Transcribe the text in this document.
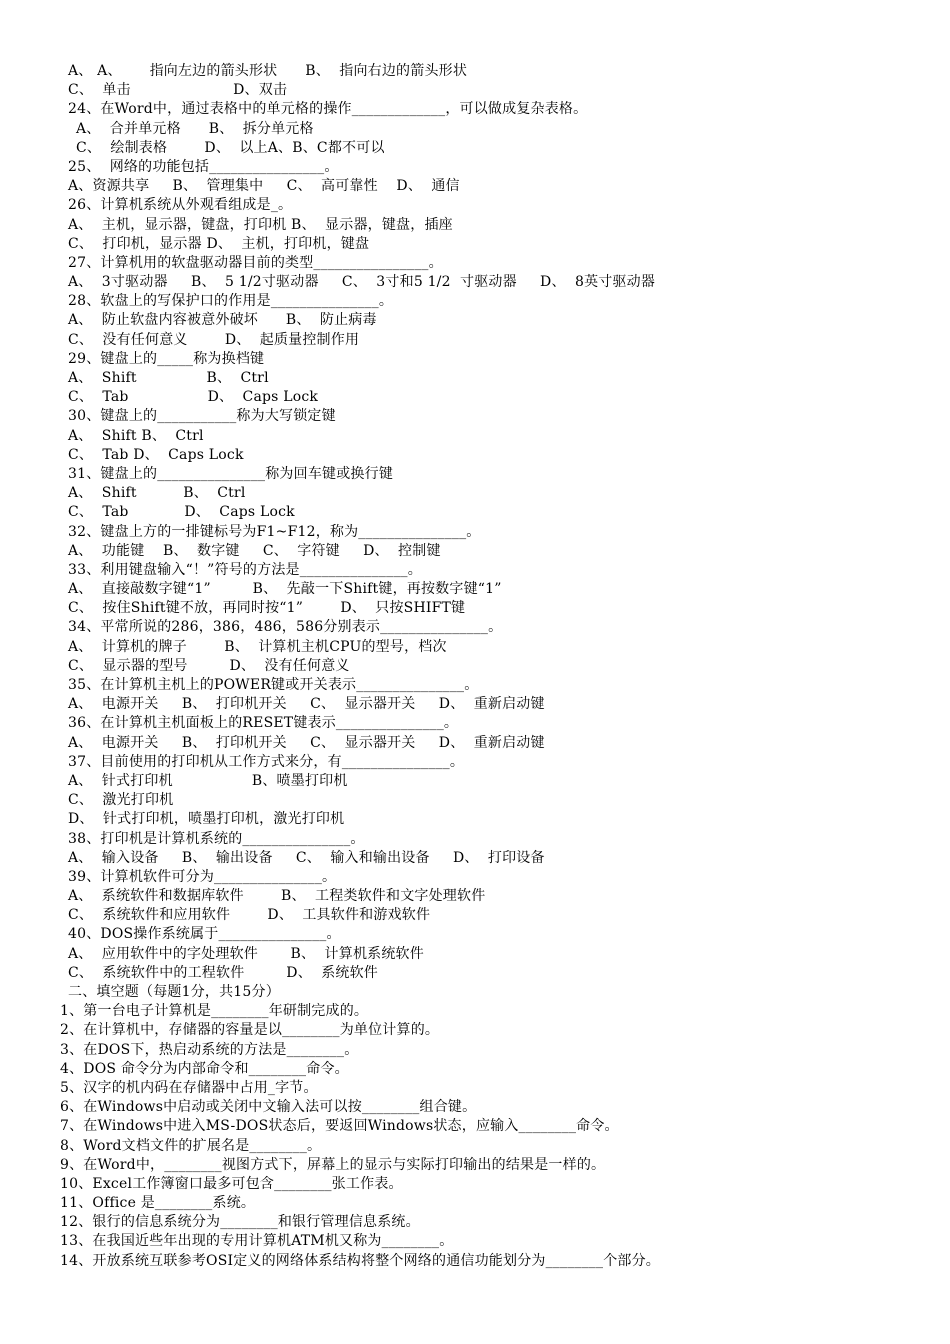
A、 A、      指向左边的箭头形状      B、  指向右边的箭头形状
C、  单击                      D、双击
24、在Word中，通过表格中的单元格的操作_____________，可以做成复杂表格。
A、  合并单元格      B、  拆分单元格
C、  绘制表格        D、  以上A、B、C都不可以
25、  网络的功能包括________________。
A、资源共享     B、  管理集中     C、  高可靠性    D、  通信
26、计算机系统从外观看组成是_。
A、  主机，显示器，键盘，打印机 B、  显示器，键盘，插座
C、  打印机，显示器 D、  主机，打印机，键盘
27、计算机用的软盘驱动器目前的类型________________。
A、  3寸驱动器     B、  5 1/2寸驱动器     C、  3寸和5 1/2  寸驱动器     D、  8英寸驱动器
28、软盘上的写保护口的作用是_______________。
A、  防止软盘内容被意外破坏      B、  防止病毒
C、  没有任何意义        D、  起质量控制作用
29、键盘上的_____称为换档键
A、  Shift               B、  Ctrl
C、  Tab                 D、  Caps Lock
30、键盘上的___________称为大写锁定键
A、  Shift B、  Ctrl
C、  Tab D、  Caps Lock
31、键盘上的_______________称为回车键或换行键
A、  Shift          B、  Ctrl
C、  Tab            D、  Caps Lock
32、键盘上方的一排键标号为F1~F12，称为_______________。
A、  功能键    B、  数字键     C、  字符键     D、  控制键
33、利用键盘输入“！”符号的方法是_______________。
A、  直接敲数字键“1”         B、  先敲一下Shift键，再按数字键“1”
C、  按住Shift键不放，再同时按“1”        D、  只按SHIFT键
34、平常所说的286，386，486，586分别表示_______________。
A、  计算机的牌子        B、  计算机主机CPU的型号，档次
C、  显示器的型号         D、  没有任何意义
35、在计算机主机上的POWER键或开关表示_______________。
A、  电源开关     B、  打印机开关     C、  显示器开关     D、  重新启动键
36、在计算机主机面板上的RESET键表示_______________。
A、  电源开关     B、  打印机开关     C、  显示器开关     D、  重新启动键
37、目前使用的打印机从工作方式来分，有_______________。
A、  针式打印机                 B、喷墨打印机
C、  激光打印机
D、  针式打印机，喷墨打印机，激光打印机
38、打印机是计算机系统的_______________。
A、  输入设备     B、  输出设备     C、  输入和输出设备     D、  打印设备
39、计算机软件可分为_______________。
A、  系统软件和数据库软件        B、  工程类软件和文字处理软件
C、  系统软件和应用软件        D、  工具软件和游戏软件
40、DOS操作系统属于_______________。
A、  应用软件中的字处理软件       B、  计算机系统软件
C、  系统软件中的工程软件         D、  系统软件
二、填空题（每题1分，共15分）
1、第一台电子计算机是________年研制完成的。
2、在计算机中，存储器的容量是以________为单位计算的。
3、在DOS下，热启动系统的方法是________。
4、DOS 命令分为内部命令和________命令。
5、汉字的机内码在存储器中占用_字节。
6、在Windows中启动或关闭中文输入法可以按________组合键。
7、在Windows中进入MS-DOS状态后，要返回Windows状态，应输入________命令。
8、Word文档文件的扩展名是________。
9、在Word中，________视图方式下，屏幕上的显示与实际打印输出的结果是一样的。
10、Excel工作簿窗口最多可包含________张工作表。
11、Office 是________系统。
12、银行的信息系统分为________和银行管理信息系统。
13、在我国近些年出现的专用计算机ATM机又称为________。
14、开放系统互联参考OSI定义的网络体系结构将整个网络的通信功能划分为________个部分。
